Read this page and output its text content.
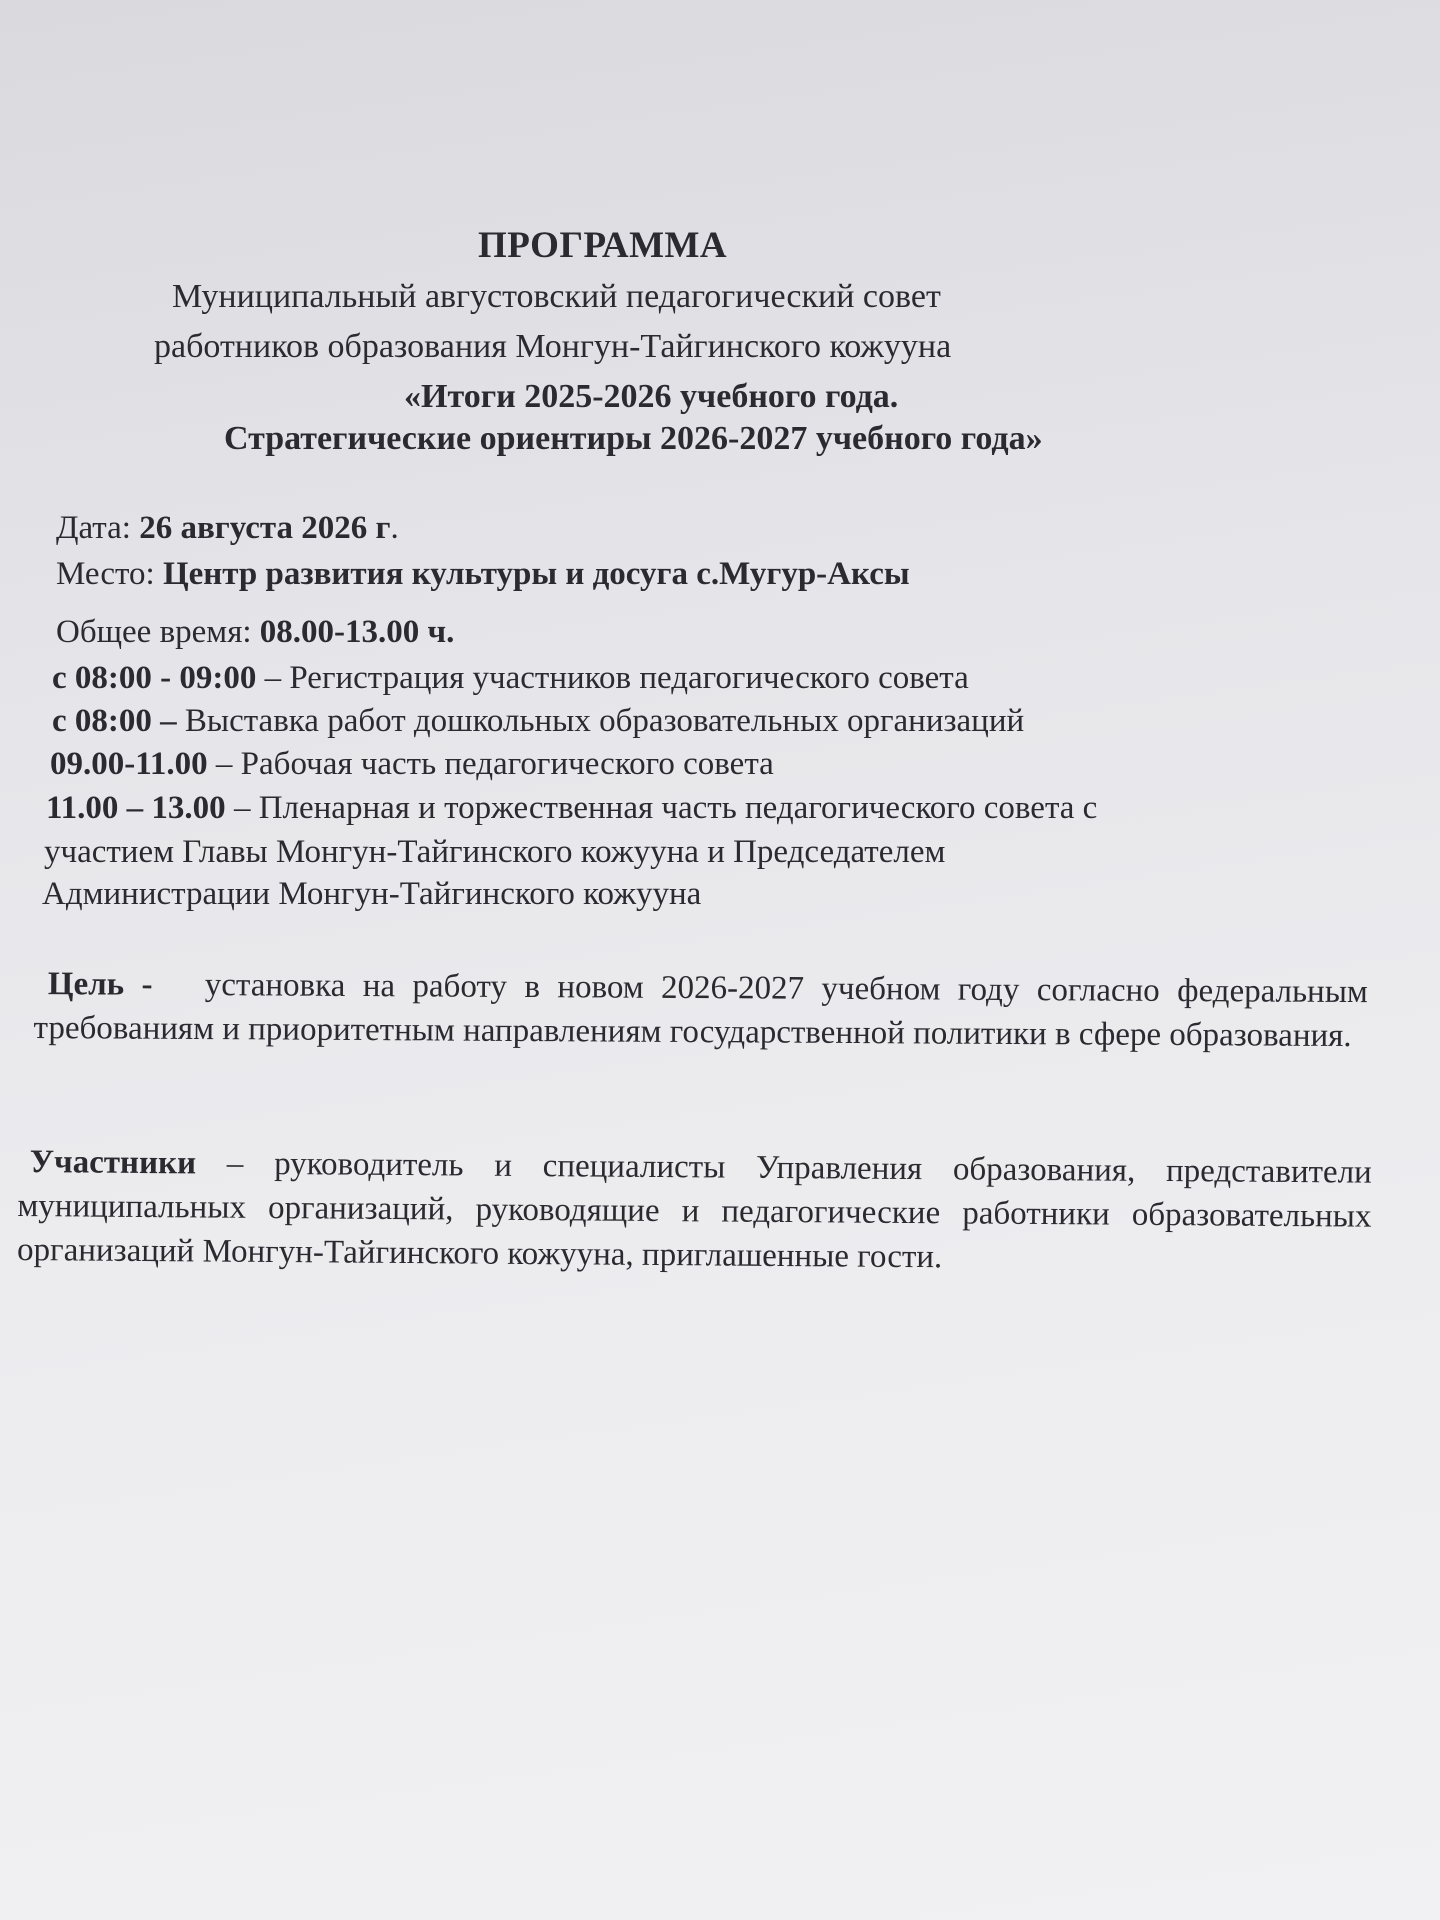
ПРОГРАММА
Муниципальный августовский педагогический совет
работников образования Монгун-Тайгинского кожууна
«Итоги 2025-2026 учебного года.
Стратегические ориентиры 2026-2027 учебного года»
Дата: 26 августа 2026 г.
Место: Центр развития культуры и досуга с.Мугур-Аксы
Общее время: 08.00-13.00 ч.
с 08:00 - 09:00 – Регистрация участников педагогического совета
с 08:00 – Выставка работ дошкольных образовательных организаций
09.00-11.00 – Рабочая часть педагогического совета
11.00 – 13.00 – Пленарная и торжественная часть педагогического совета с
участием Главы Монгун-Тайгинского кожууна и Председателем
Администрации Монгун-Тайгинского кожууна
Цель - установка на работу в новом 2026-2027 учебном году согласно федеральным требованиям и приоритетным направлениям государственной политики в сфере образования.
Участники – руководитель и специалисты Управления образования, представители муниципальных организаций, руководящие и педагогические работники образовательных организаций Монгун-Тайгинского кожууна, приглашенные гости.
